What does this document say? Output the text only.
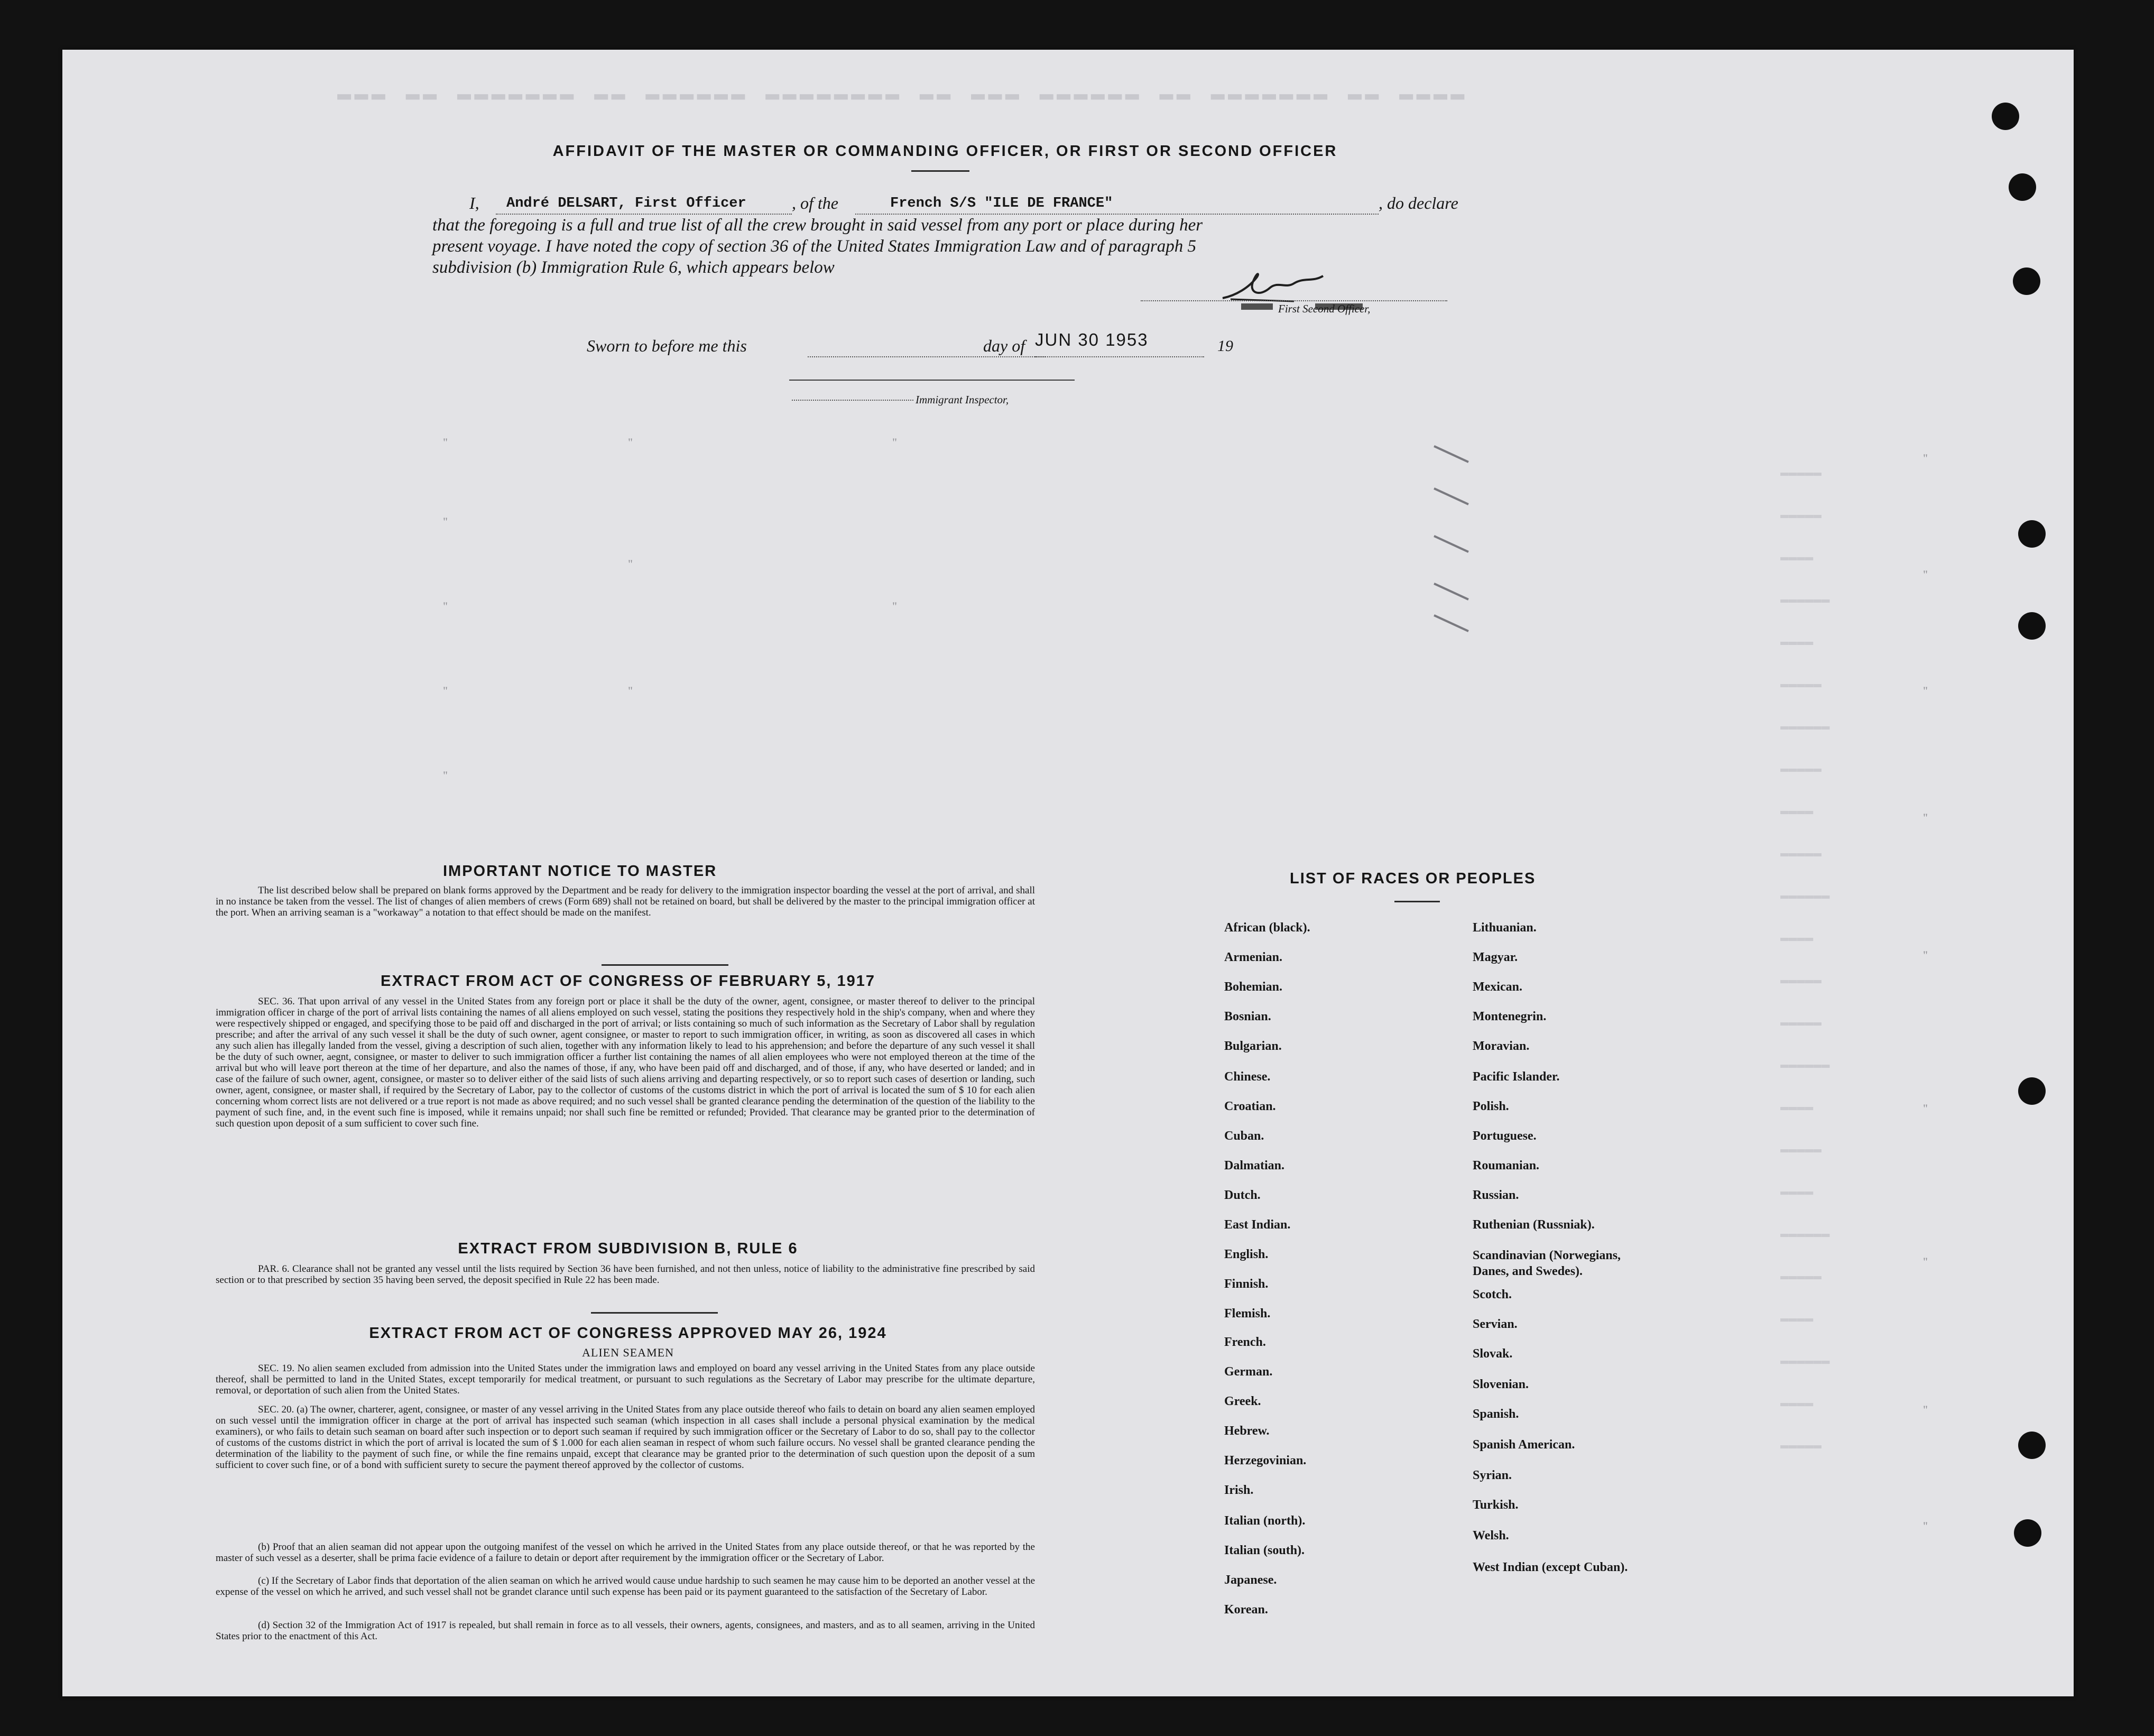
▬▬▬ ▬▬ ▬▬▬▬▬▬▬ ▬▬ ▬▬▬▬▬▬ ▬▬▬▬▬▬▬▬ ▬▬ ▬▬▬ ▬▬▬▬▬▬ ▬▬ ▬▬▬▬▬▬▬ ▬▬ ▬▬▬▬
AFFIDAVIT OF THE MASTER OR COMMANDING OFFICER, OR FIRST OR SECOND OFFICER
I, André DELSART, First Officer	, of the	French S/S "ILE DE FRANCE"	, do declare
that the foregoing is a full and true list of all the crew brought in said vessel from any port or place during her
present voyage. I have noted the copy of section 36 of the United States Immigration Law and of paragraph 5
subdivision (b) Immigration Rule 6, which appears below
First Second Officer,
Sworn to before me this	day of JUN 30 1953	19
Immigrant Inspector,
"
"
"
"
"
"
"
"
"
"
"
"
"
"
"
"
"
"
"
▬▬▬▬▬
▬▬▬▬▬
▬▬▬▬
▬▬▬▬▬▬
▬▬▬▬
▬▬▬▬▬
▬▬▬▬▬▬
▬▬▬▬▬
▬▬▬▬
▬▬▬▬▬
▬▬▬▬▬▬
▬▬▬▬
▬▬▬▬▬
▬▬▬▬▬
▬▬▬▬▬▬
▬▬▬▬
▬▬▬▬▬
▬▬▬▬
▬▬▬▬▬▬
▬▬▬▬▬
▬▬▬▬
▬▬▬▬▬▬
▬▬▬▬
▬▬▬▬▬
IMPORTANT NOTICE TO MASTER
The list described below shall be prepared on blank forms approved by the Department and be ready for delivery to the immigration inspector boarding the vessel at the port of arrival, and shall in no instance be taken from the vessel. The list of changes of alien members of crews (Form 689) shall not be retained on board, but shall be delivered by the master to the principal immigration officer at the port. When an arriving seaman is a "workaway" a notation to that effect should be made on the manifest.
EXTRACT FROM ACT OF CONGRESS OF FEBRUARY 5, 1917
SEC. 36. That upon arrival of any vessel in the United States from any foreign port or place it shall be the duty of the owner, agent, consignee, or master thereof to deliver to the principal immigration officer in charge of the port of arrival lists containing the names of all aliens employed on such vessel, stating the positions they respectively hold in the ship's company, when and where they were respectively shipped or engaged, and specifying those to be paid off and discharged in the port of arrival; or lists containing so much of such information as the Secretary of Labor shall by regulation prescribe; and after the arrival of any such vessel it shall be the duty of such owner, agent consignee, or master to report to such immigration officer, in writing, as soon as discovered all cases in which any such alien has illegally landed from the vessel, giving a description of such alien, together with any information likely to lead to his apprehension; and before the departure of any such vessel it shall be the duty of such owner, aegnt, consignee, or master to deliver to such immigration officer a further list containing the names of all alien employees who were not employed thereon at the time of the arrival but who will leave port thereon at the time of her departure, and also the names of those, if any, who have been paid off and discharged, and of those, if any, who have deserted or landed; and in case of the failure of such owner, agent, consignee, or master so to deliver either of the said lists of such aliens arriving and departing respectively, or so to report such cases of desertion or landing, such owner, agent, consignee, or master shall, if required by the Secretary of Labor, pay to the collector of customs of the customs district in which the port of arrival is located the sum of $ 10 for each alien concerning whom correct lists are not delivered or a true report is not made as above required; and no such vessel shall be granted clearance pending the determination of the question of the liability to the payment of such fine, and, in the event such fine is imposed, while it remains unpaid; nor shall such fine be remitted or refunded; Provided. That clearance may be granted prior to the determination of such question upon deposit of a sum sufficient to cover such fine.
EXTRACT FROM SUBDIVISION B, RULE 6
PAR. 6. Clearance shall not be granted any vessel until the lists required by Section 36 have been furnished, and not then unless, notice of liability to the administrative fine prescribed by said section or to that prescribed by section 35 having been served, the deposit specified in Rule 22 has been made.
EXTRACT FROM ACT OF CONGRESS APPROVED MAY 26, 1924
ALIEN SEAMEN
SEC. 19. No alien seamen excluded from admission into the United States under the immigration laws and employed on board any vessel arriving in the United States from any place outside thereof, shall be permitted to land in the United States, except temporarily for medical treatment, or pursuant to such regulations as the Secretary of Labor may prescribe for the ultimate departure, removal, or deportation of such alien from the United States.
SEC. 20. (a) The owner, charterer, agent, consignee, or master of any vessel arriving in the United States from any place outside thereof who fails to detain on board any alien seamen employed on such vessel until the immigration officer in charge at the port of arrival has inspected such seaman (which inspection in all cases shall include a personal physical examination by the medical examiners), or who fails to detain such seaman on board after such inspection or to deport such seaman if required by such immigration officer or the Secretary of Labor to do so, shall pay to the collector of customs of the customs district in which the port of arrival is located the sum of $ 1.000 for each alien seaman in respect of whom such failure occurs. No vessel shall be granted clearance pending the determination of the liability to the payment of such fine, or while the fine remains unpaid, except that clearance may be granted prior to the determination of such question upon the deposit of a sum sufficient to cover such fine, or of a bond with sufficient surety to secure the payment thereof approved by the collector of customs.
(b) Proof that an alien seaman did not appear upon the outgoing manifest of the vessel on which he arrived in the United States from any place outside thereof, or that he was reported by the master of such vessel as a deserter, shall be prima facie evidence of a failure to detain or deport after requirement by the immigration officer or the Secretary of Labor.
(c) If the Secretary of Labor finds that deportation of the alien seaman on which he arrived would cause undue hardship to such seamen he may cause him to be deported an another vessel at the expense of the vessel on which he arrived, and such vessel shall not be grandet clarance until such expense has been paid or its payment guaranteed to the satisfaction of the Secretary of Labor.
(d) Section 32 of the Immigration Act of 1917 is repealed, but shall remain in force as to all vessels, their owners, agents, consignees, and masters, and as to all seamen, arriving in the United States prior to the enactment of this Act.
LIST OF RACES OR PEOPLES
African (black).
Armenian.
Bohemian.
Bosnian.
Bulgarian.
Chinese.
Croatian.
Cuban.
Dalmatian.
Dutch.
East Indian.
English.
Finnish.
Flemish.
French.
German.
Greek.
Hebrew.
Herzegovinian.
Irish.
Italian (north).
Italian (south).
Japanese.
Korean.
Lithuanian.
Magyar.
Mexican.
Montenegrin.
Moravian.
Pacific Islander.
Polish.
Portuguese.
Roumanian.
Russian.
Ruthenian (Russniak).
Scandinavian (Norwegians, Danes, and Swedes).
Scotch.
Servian.
Slovak.
Slovenian.
Spanish.
Spanish American.
Syrian.
Turkish.
Welsh.
West Indian (except Cuban).
